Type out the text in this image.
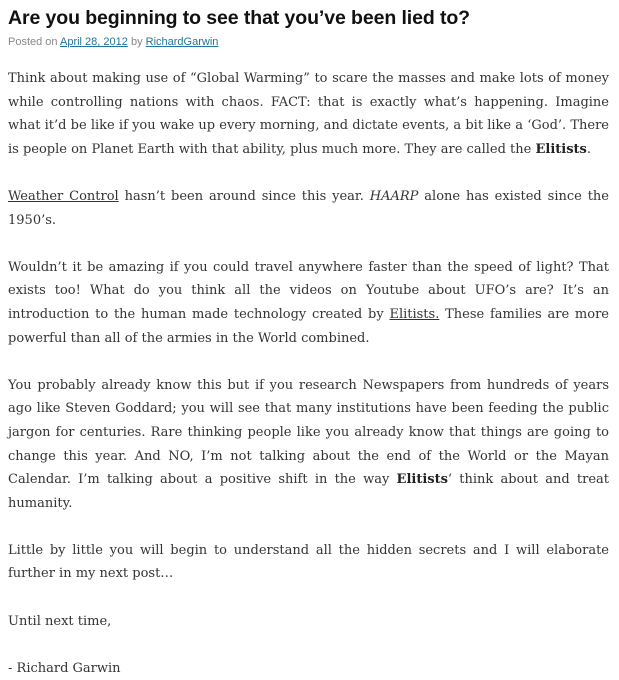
Are you beginning to see that you’ve been lied to?
Posted on April 28, 2012 by RichardGarwin

Think about making use of “Global Warming” to scare the masses and make lots of money while controlling nations with chaos. FACT: that is exactly what’s happening. Imagine what it’d be like if you wake up every morning, and dictate events, a bit like a ‘God’. There is people on Planet Earth with that ability, plus much more. They are called the Elitists.

Weather Control hasn’t been around since this year. HAARP alone has existed since the 1950’s.

Wouldn’t it be amazing if you could travel anywhere faster than the speed of light? That exists too! What do you think all the videos on Youtube about UFO’s are? It’s an introduction to the human made technology created by Elitists. These families are more powerful than all of the armies in the World combined.

You probably already know this but if you research Newspapers from hundreds of years ago like Steven Goddard; you will see that many institutions have been feeding the public jargon for centuries. Rare thinking people like you already know that things are going to change this year. And NO, I’m not talking about the end of the World or the Mayan Calendar. I’m talking about a positive shift in the way Elitists‘ think about and treat humanity.

Little by little you will begin to understand all the hidden secrets and I will elaborate further in my next post…

Until next time,

- Richard Garwin
